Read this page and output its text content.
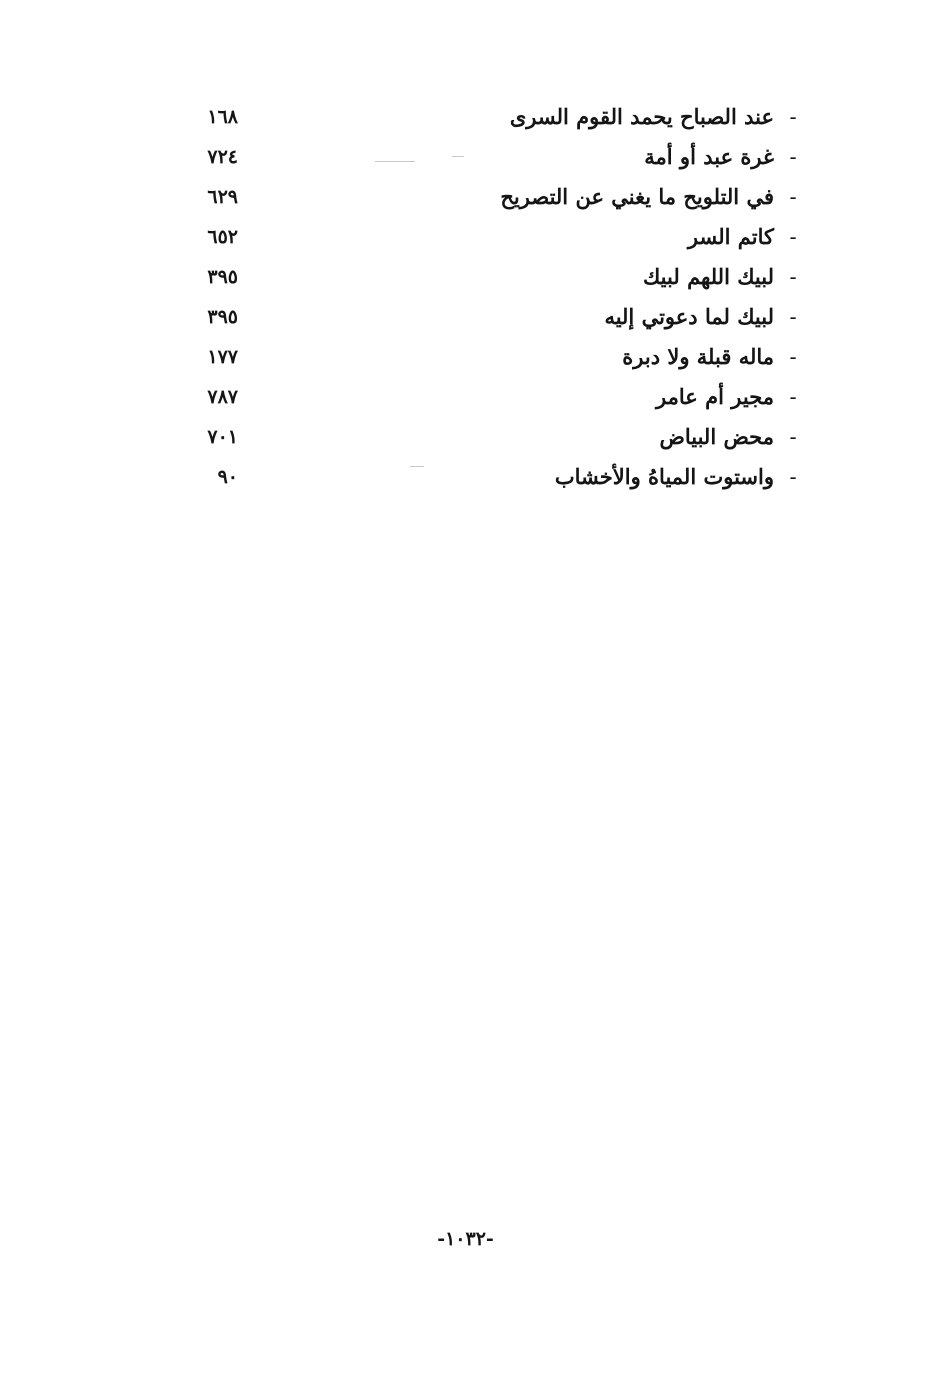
-
عند الصباح يحمد القوم السرى
١٦٨
-
غرة عبد أو أمة
٧٢٤
-
في التلويح ما يغني عن التصريح
٦٢٩
-
كاتم السر
٦٥٢
-
لبيك اللهم لبيك
٣٩٥
-
لبيك لما دعوتي إليه
٣٩٥
-
ماله قبلة ولا دبرة
١٧٧
-
مجير أم عامر
٧٨٧
-
محض البياض
٧٠١
-
واستوت المياهُ والأخشاب
٩٠
-١٠٣٢-
